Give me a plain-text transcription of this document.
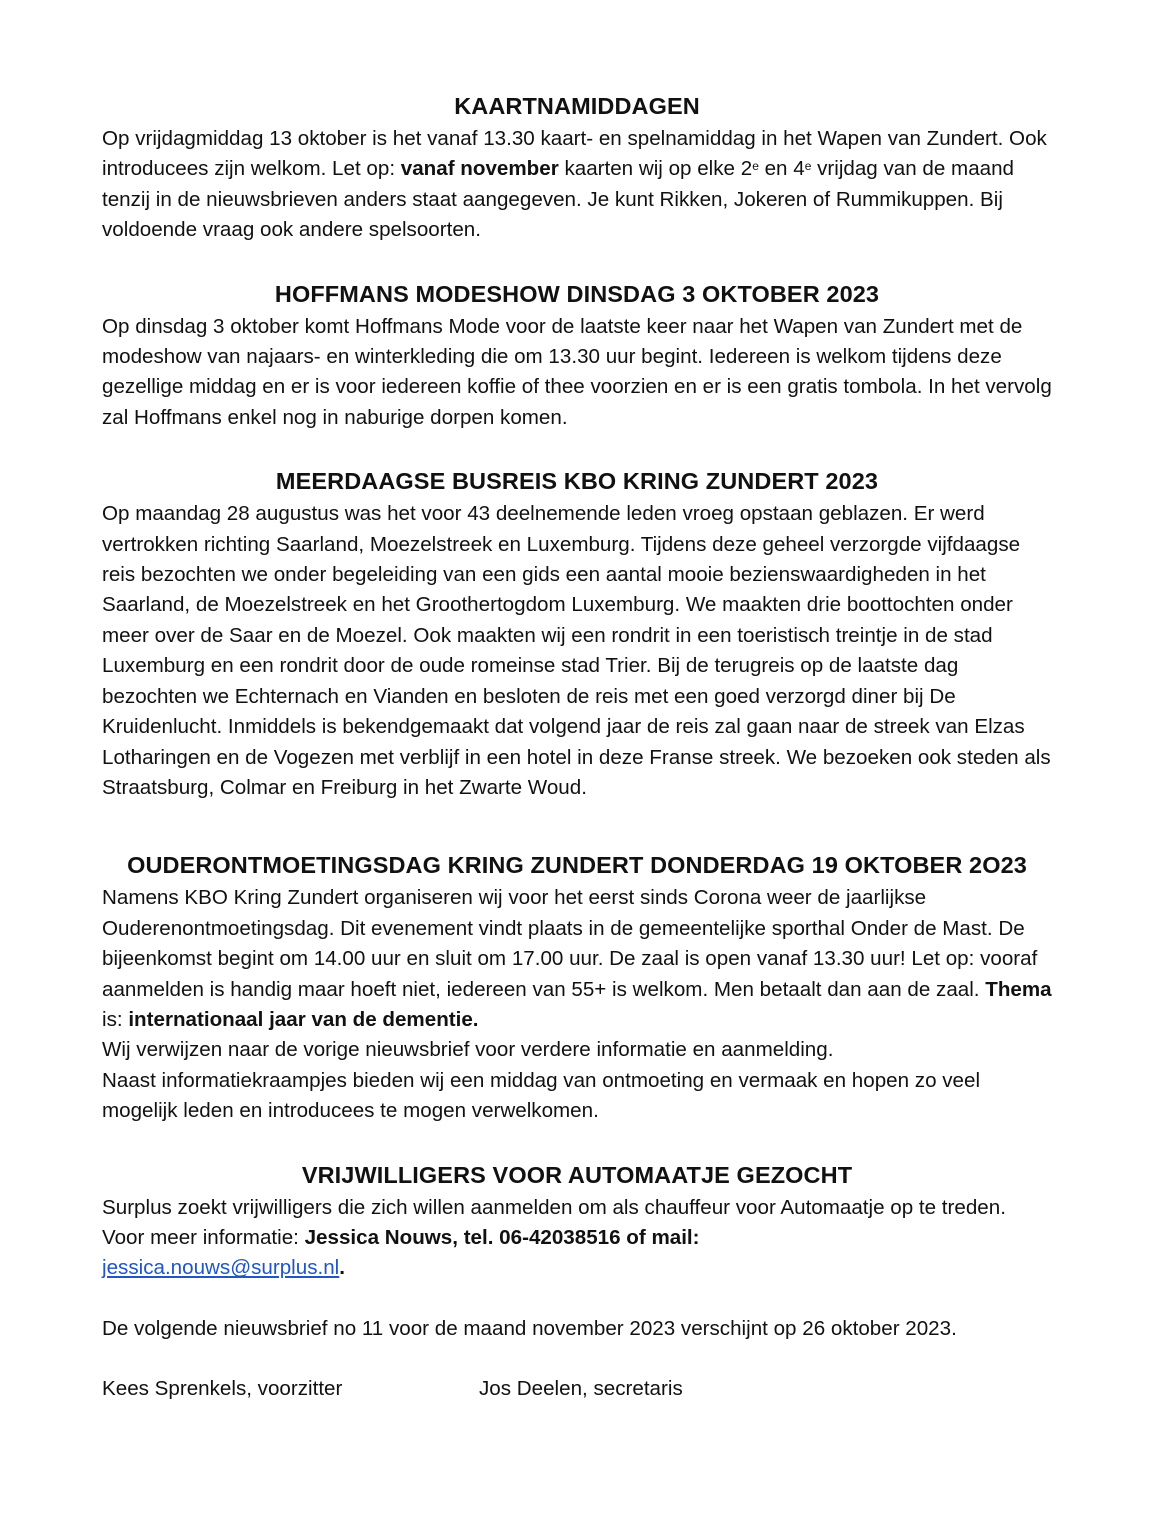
KAARTNAMIDDAGEN

Op vrijdagmiddag 13 oktober is het vanaf 13.30 kaart- en spelnamiddag in het Wapen van Zundert. Ook introducees zijn welkom. Let op: vanaf november kaarten wij op elke 2e en 4e vrijdag van de maand tenzij in de nieuwsbrieven anders staat aangegeven. Je kunt Rikken, Jokeren of Rummikuppen. Bij voldoende vraag ook andere spelsoorten.

HOFFMANS MODESHOW DINSDAG 3 OKTOBER 2023

Op dinsdag 3 oktober komt Hoffmans Mode voor de laatste keer naar het Wapen van Zundert met de modeshow van najaars- en winterkleding die om 13.30 uur begint. Iedereen is welkom tijdens deze gezellige middag en er is voor iedereen koffie of thee voorzien en er is een gratis tombola. In het vervolg zal Hoffmans enkel nog in naburige dorpen komen.

MEERDAAGSE BUSREIS KBO KRING ZUNDERT 2023

Op maandag 28 augustus was het voor 43 deelnemende leden vroeg opstaan geblazen. Er werd vertrokken richting Saarland, Moezelstreek en Luxemburg. Tijdens deze geheel verzorgde vijfdaagse reis bezochten we onder begeleiding van een gids een aantal mooie bezienswaardigheden in het Saarland, de Moezelstreek en het Groothertogdom Luxemburg. We maakten drie boottochten onder meer over de Saar en de Moezel. Ook maakten wij een rondrit in een toeristisch treintje in de stad Luxemburg en een rondrit door de oude romeinse stad Trier. Bij de terugreis op de laatste dag bezochten we Echternach en Vianden en besloten de reis met een goed verzorgd diner bij De Kruidenlucht. Inmiddels is bekendgemaakt dat volgend jaar de reis zal gaan naar de streek van Elzas Lotharingen en de Vogezen met verblijf in een hotel in deze Franse streek. We bezoeken ook steden als Straatsburg, Colmar en Freiburg in het Zwarte Woud.

OUDERONTMOETINGSDAG KRING ZUNDERT DONDERDAG 19 OKTOBER 2O23

Namens KBO Kring Zundert organiseren wij voor het eerst sinds Corona weer de jaarlijkse Ouderenontmoetingsdag. Dit evenement vindt plaats in de gemeentelijke sporthal Onder de Mast. De bijeenkomst begint om 14.00 uur en sluit om 17.00 uur. De zaal is open vanaf 13.30 uur! Let op: vooraf aanmelden is handig maar hoeft niet, iedereen van 55+ is welkom. Men betaalt dan aan de zaal. Thema is: internationaal jaar van de dementie.

Wij verwijzen naar de vorige nieuwsbrief voor verdere informatie en aanmelding.

Naast informatiekraampjes bieden wij een middag van ontmoeting en vermaak en hopen zo veel mogelijk leden en introducees te mogen verwelkomen.

VRIJWILLIGERS VOOR AUTOMAATJE GEZOCHT

Surplus zoekt vrijwilligers die zich willen aanmelden om als chauffeur voor Automaatje op te treden. Voor meer informatie: Jessica Nouws, tel. 06-42038516 of mail:
jessica.nouws@surplus.nl.

De volgende nieuwsbrief no 11 voor de maand november 2023 verschijnt op 26 oktober 2023.

Kees Sprenkels, voorzitter	Jos Deelen, secretaris
